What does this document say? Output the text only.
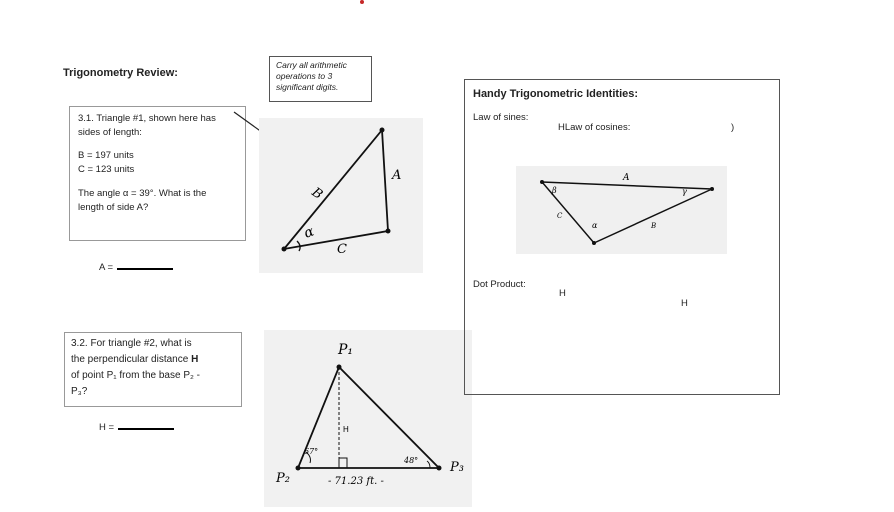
Trigonometry Review:
Carry all arithmetic
operations to 3
significant digits.
3.1. Triangle #1, shown here has
sides of length:
B = 197 units
C = 123 units
The angle α = 39°. What is the
length of side A?
A =
α
B
A
C
3.2. For triangle #2, what is
the perpendicular distance H
of point P₁ from the base P₂ -
P₃?
H =
P₁
H
67°
48°
P₂
P₃
- 71.23 ft. -
Handy Trigonometric Identities:
Law of sines:
HLaw of cosines:	)
A
B
C
α
β	γ
Dot Product:
H
H
